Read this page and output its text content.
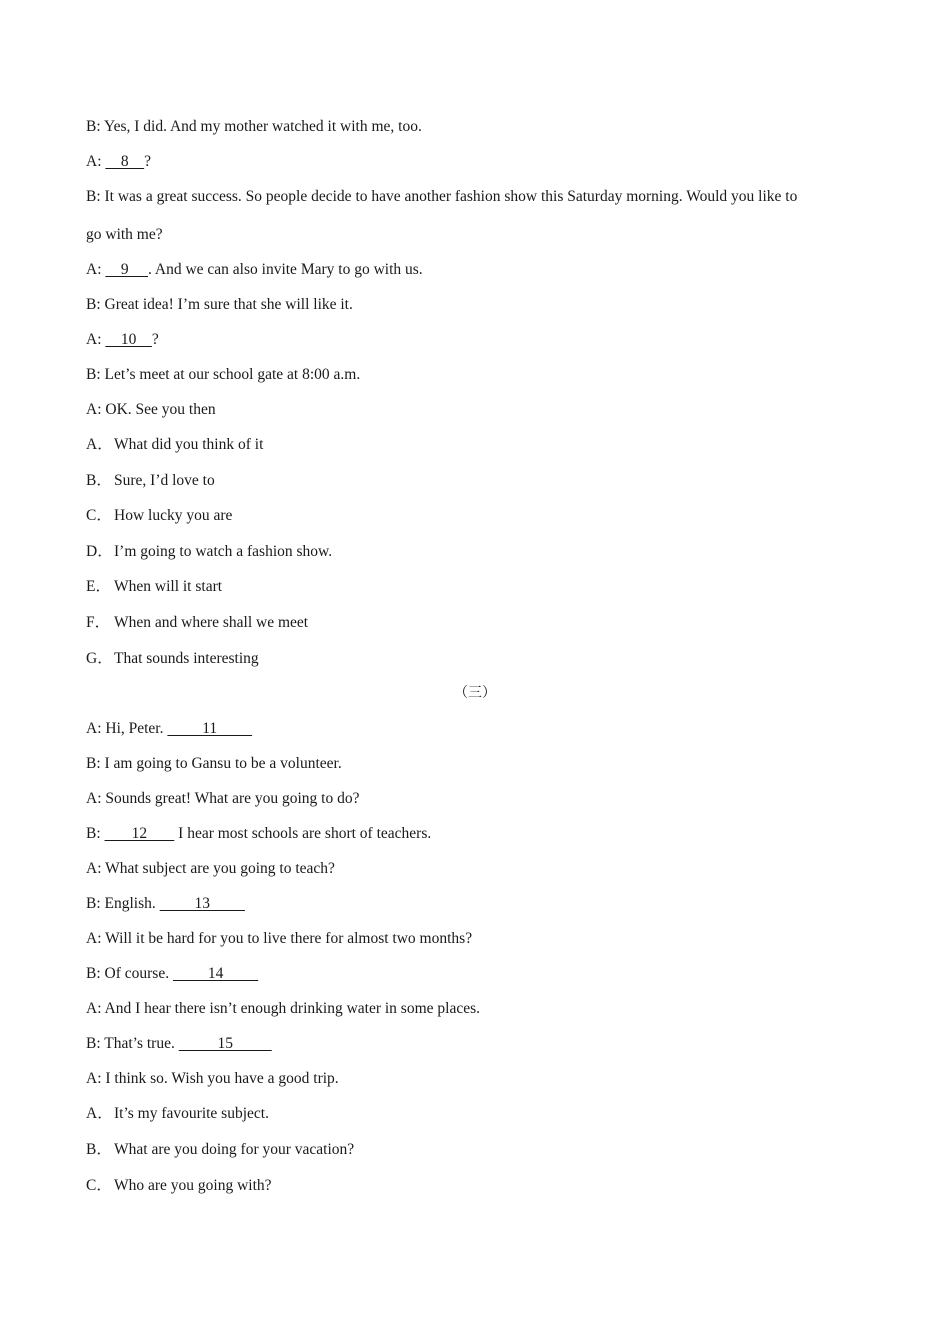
B: Yes, I did. And my mother watched it with me, too.
A:     8    ?
B: It was a great success. So people decide to have another fashion show this Saturday morning. Would you like to
go with me?
A:     9     . And we can also invite Mary to go with us.
B: Great idea! I’m sure that she will like it.
A:     10    ?
B: Let’s meet at our school gate at 8:00 a.m.
A: OK. See you then
A．What did you think of it
B． Sure, I’d love to
C． How lucky you are
D．I’m going to watch a fashion show.
E． When will it start
F． When and where shall we meet
G．That sounds interesting
（三）
A: Hi, Peter.          11
B: I am going to Gansu to be a volunteer.
A: Sounds great! What are you going to do?
B:        12        I hear most schools are short of teachers.
A: What subject are you going to teach?
B: English.          13
A: Will it be hard for you to live there for almost two months?
B: Of course.          14
A: And I hear there isn’t enough drinking water in some places.
B: That’s true.           15
A: I think so. Wish you have a good trip.
A．It’s my favourite subject.
B． What are you doing for your vacation?
C． Who are you going with?
